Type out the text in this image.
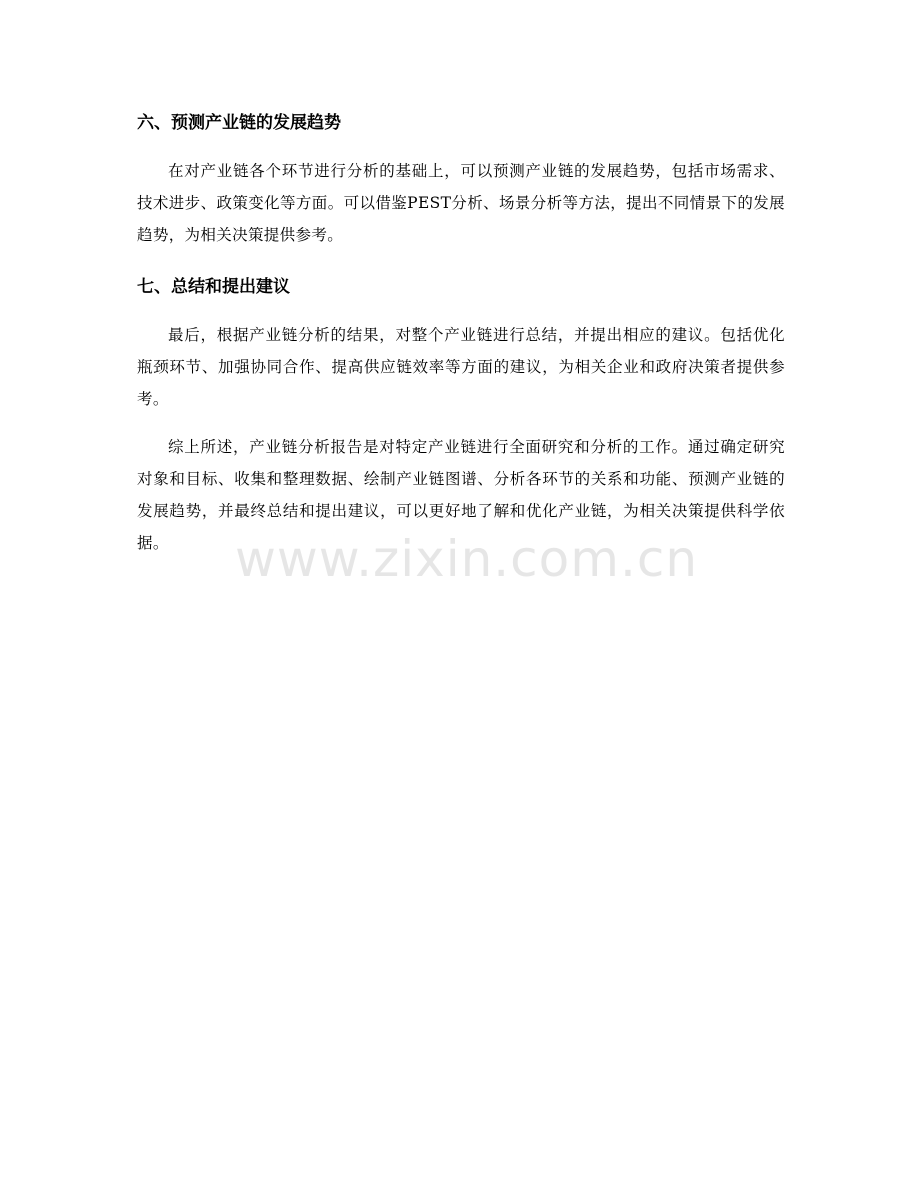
六、预测产业链的发展趋势

在对产业链各个环节进行分析的基础上，可以预测产业链的发展趋势，包括市场需求、技术进步、政策变化等方面。可以借鉴PEST分析、场景分析等方法，提出不同情景下的发展趋势，为相关决策提供参考。

七、总结和提出建议

最后，根据产业链分析的结果，对整个产业链进行总结，并提出相应的建议。包括优化瓶颈环节、加强协同合作、提高供应链效率等方面的建议，为相关企业和政府决策者提供参考。

综上所述，产业链分析报告是对特定产业链进行全面研究和分析的工作。通过确定研究对象和目标、收集和整理数据、绘制产业链图谱、分析各环节的关系和功能、预测产业链的发展趋势，并最终总结和提出建议，可以更好地了解和优化产业链，为相关决策提供科学依据。	www.zixin.com.cn
